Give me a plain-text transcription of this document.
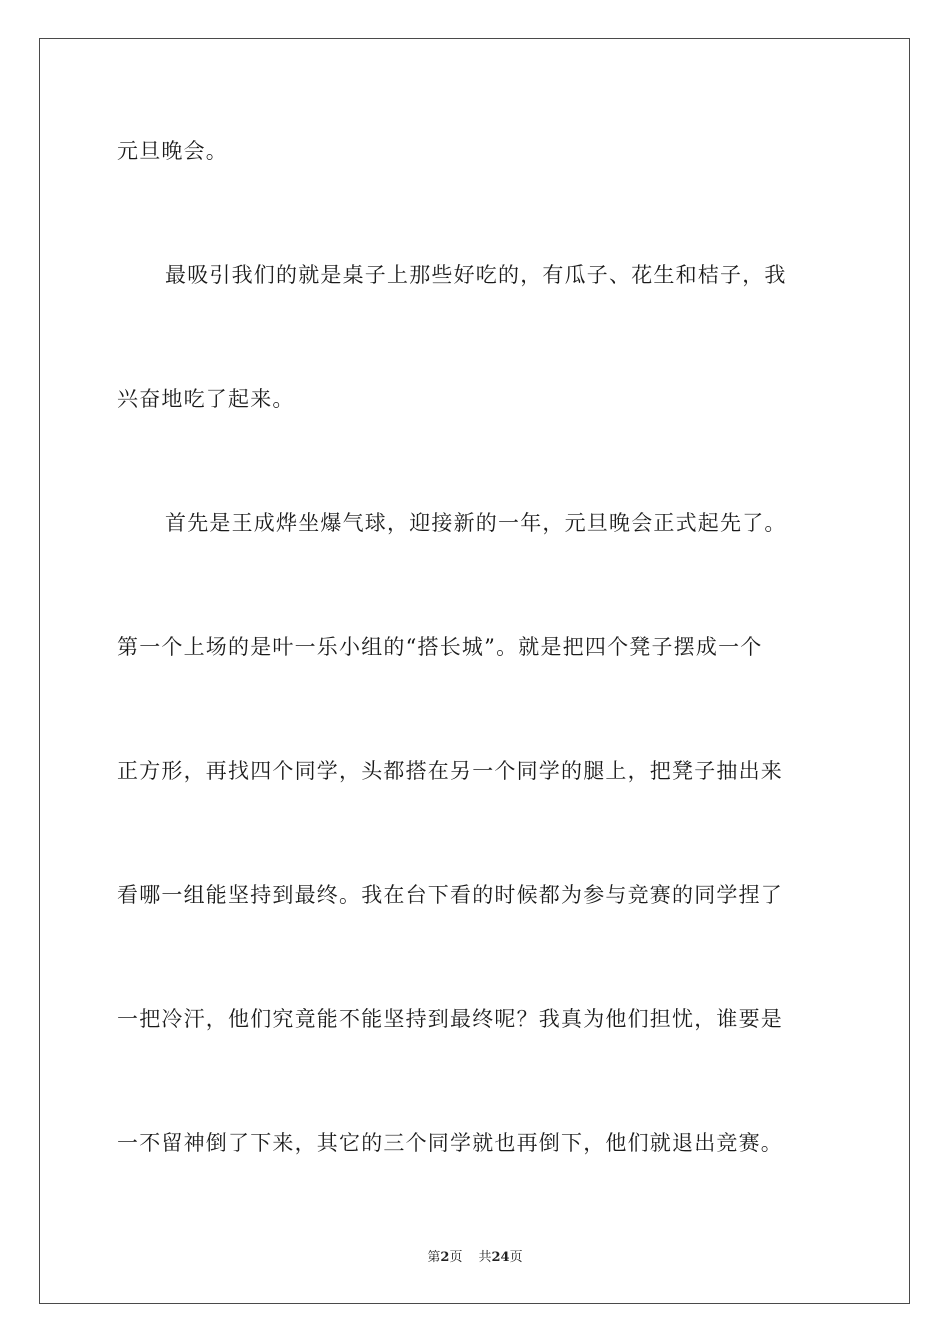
元旦晚会。
最吸引我们的就是桌子上那些好吃的，有瓜子、花生和桔子，我
兴奋地吃了起来。
首先是王成烨坐爆气球，迎接新的一年，元旦晚会正式起先了。
第一个上场的是叶一乐小组的“搭长城”。就是把四个凳子摆成一个
正方形，再找四个同学，头都搭在另一个同学的腿上，把凳子抽出来
看哪一组能坚持到最终。我在台下看的时候都为参与竞赛的同学捏了
一把冷汗，他们究竟能不能坚持到最终呢？我真为他们担忧，谁要是
一不留神倒了下来，其它的三个同学就也再倒下，他们就退出竞赛。
第2页 共24页
